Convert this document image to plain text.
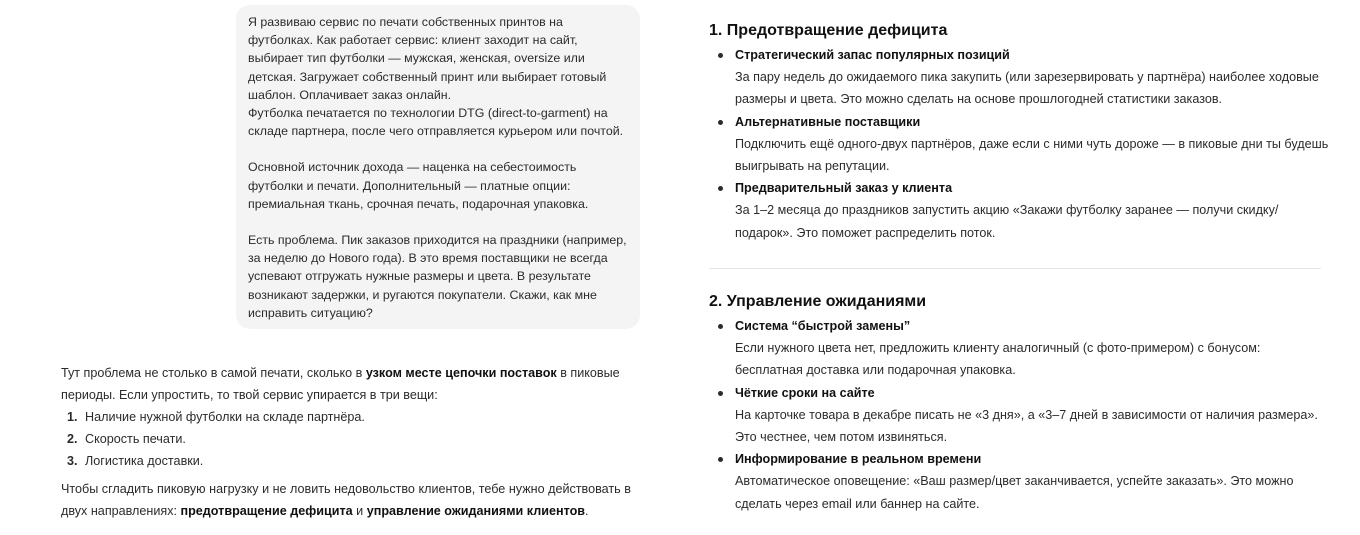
Я развиваю сервис по печати собственных принтов на футболках. Как работает сервис: клиент заходит на сайт, выбирает тип футболки — мужская, женская, oversize или детская. Загружает собственный принт или выбирает готовый шаблон. Оплачивает заказ онлайн.

Футболка печатается по технологии DTG (direct-to-garment) на складе партнера, после чего отправляется курьером или почтой.

Основной источник дохода — наценка на себестоимость футболки и печати. Дополнительный — платные опции: премиальная ткань, срочная печать, подарочная упаковка.

Есть проблема. Пик заказов приходится на праздники (например, за неделю до Нового года). В это время поставщики не всегда успевают отгружать нужные размеры и цвета. В результате возникают задержки, и ругаются покупатели. Скажи, как мне исправить ситуацию?

Тут проблема не столько в самой печати, сколько в узком месте цепочки поставок в пиковые периоды. Если упростить, то твой сервис упирается в три вещи:

1. Наличие нужной футболки на складе партнёра.
2. Скорость печати.
3. Логистика доставки.

Чтобы сгладить пиковую нагрузку и не ловить недовольство клиентов, тебе нужно действовать в двух направлениях: предотвращение дефицита и управление ожиданиями клиентов.

1. Предотвращение дефицита
Стратегический запас популярных позиций
За пару недель до ожидаемого пика закупить (или зарезервировать у партнёра) наиболее ходовые размеры и цвета. Это можно сделать на основе прошлогодней статистики заказов.
Альтернативные поставщики
Подключить ещё одного-двух партнёров, даже если с ними чуть дороже — в пиковые дни ты будешь выигрывать на репутации.
Предварительный заказ у клиента
За 1–2 месяца до праздников запустить акцию «Закажи футболку заранее — получи скидку/подарок». Это поможет распределить поток.
2. Управление ожиданиями
Система “быстрой замены”
Если нужного цвета нет, предложить клиенту аналогичный (с фото-примером) с бонусом: бесплатная доставка или подарочная упаковка.
Чёткие сроки на сайте
На карточке товара в декабре писать не «3 дня», а «3–7 дней в зависимости от наличия размера». Это честнее, чем потом извиняться.
Информирование в реальном времени
Автоматическое оповещение: «Ваш размер/цвет заканчивается, успейте заказать». Это можно сделать через email или баннер на сайте.
